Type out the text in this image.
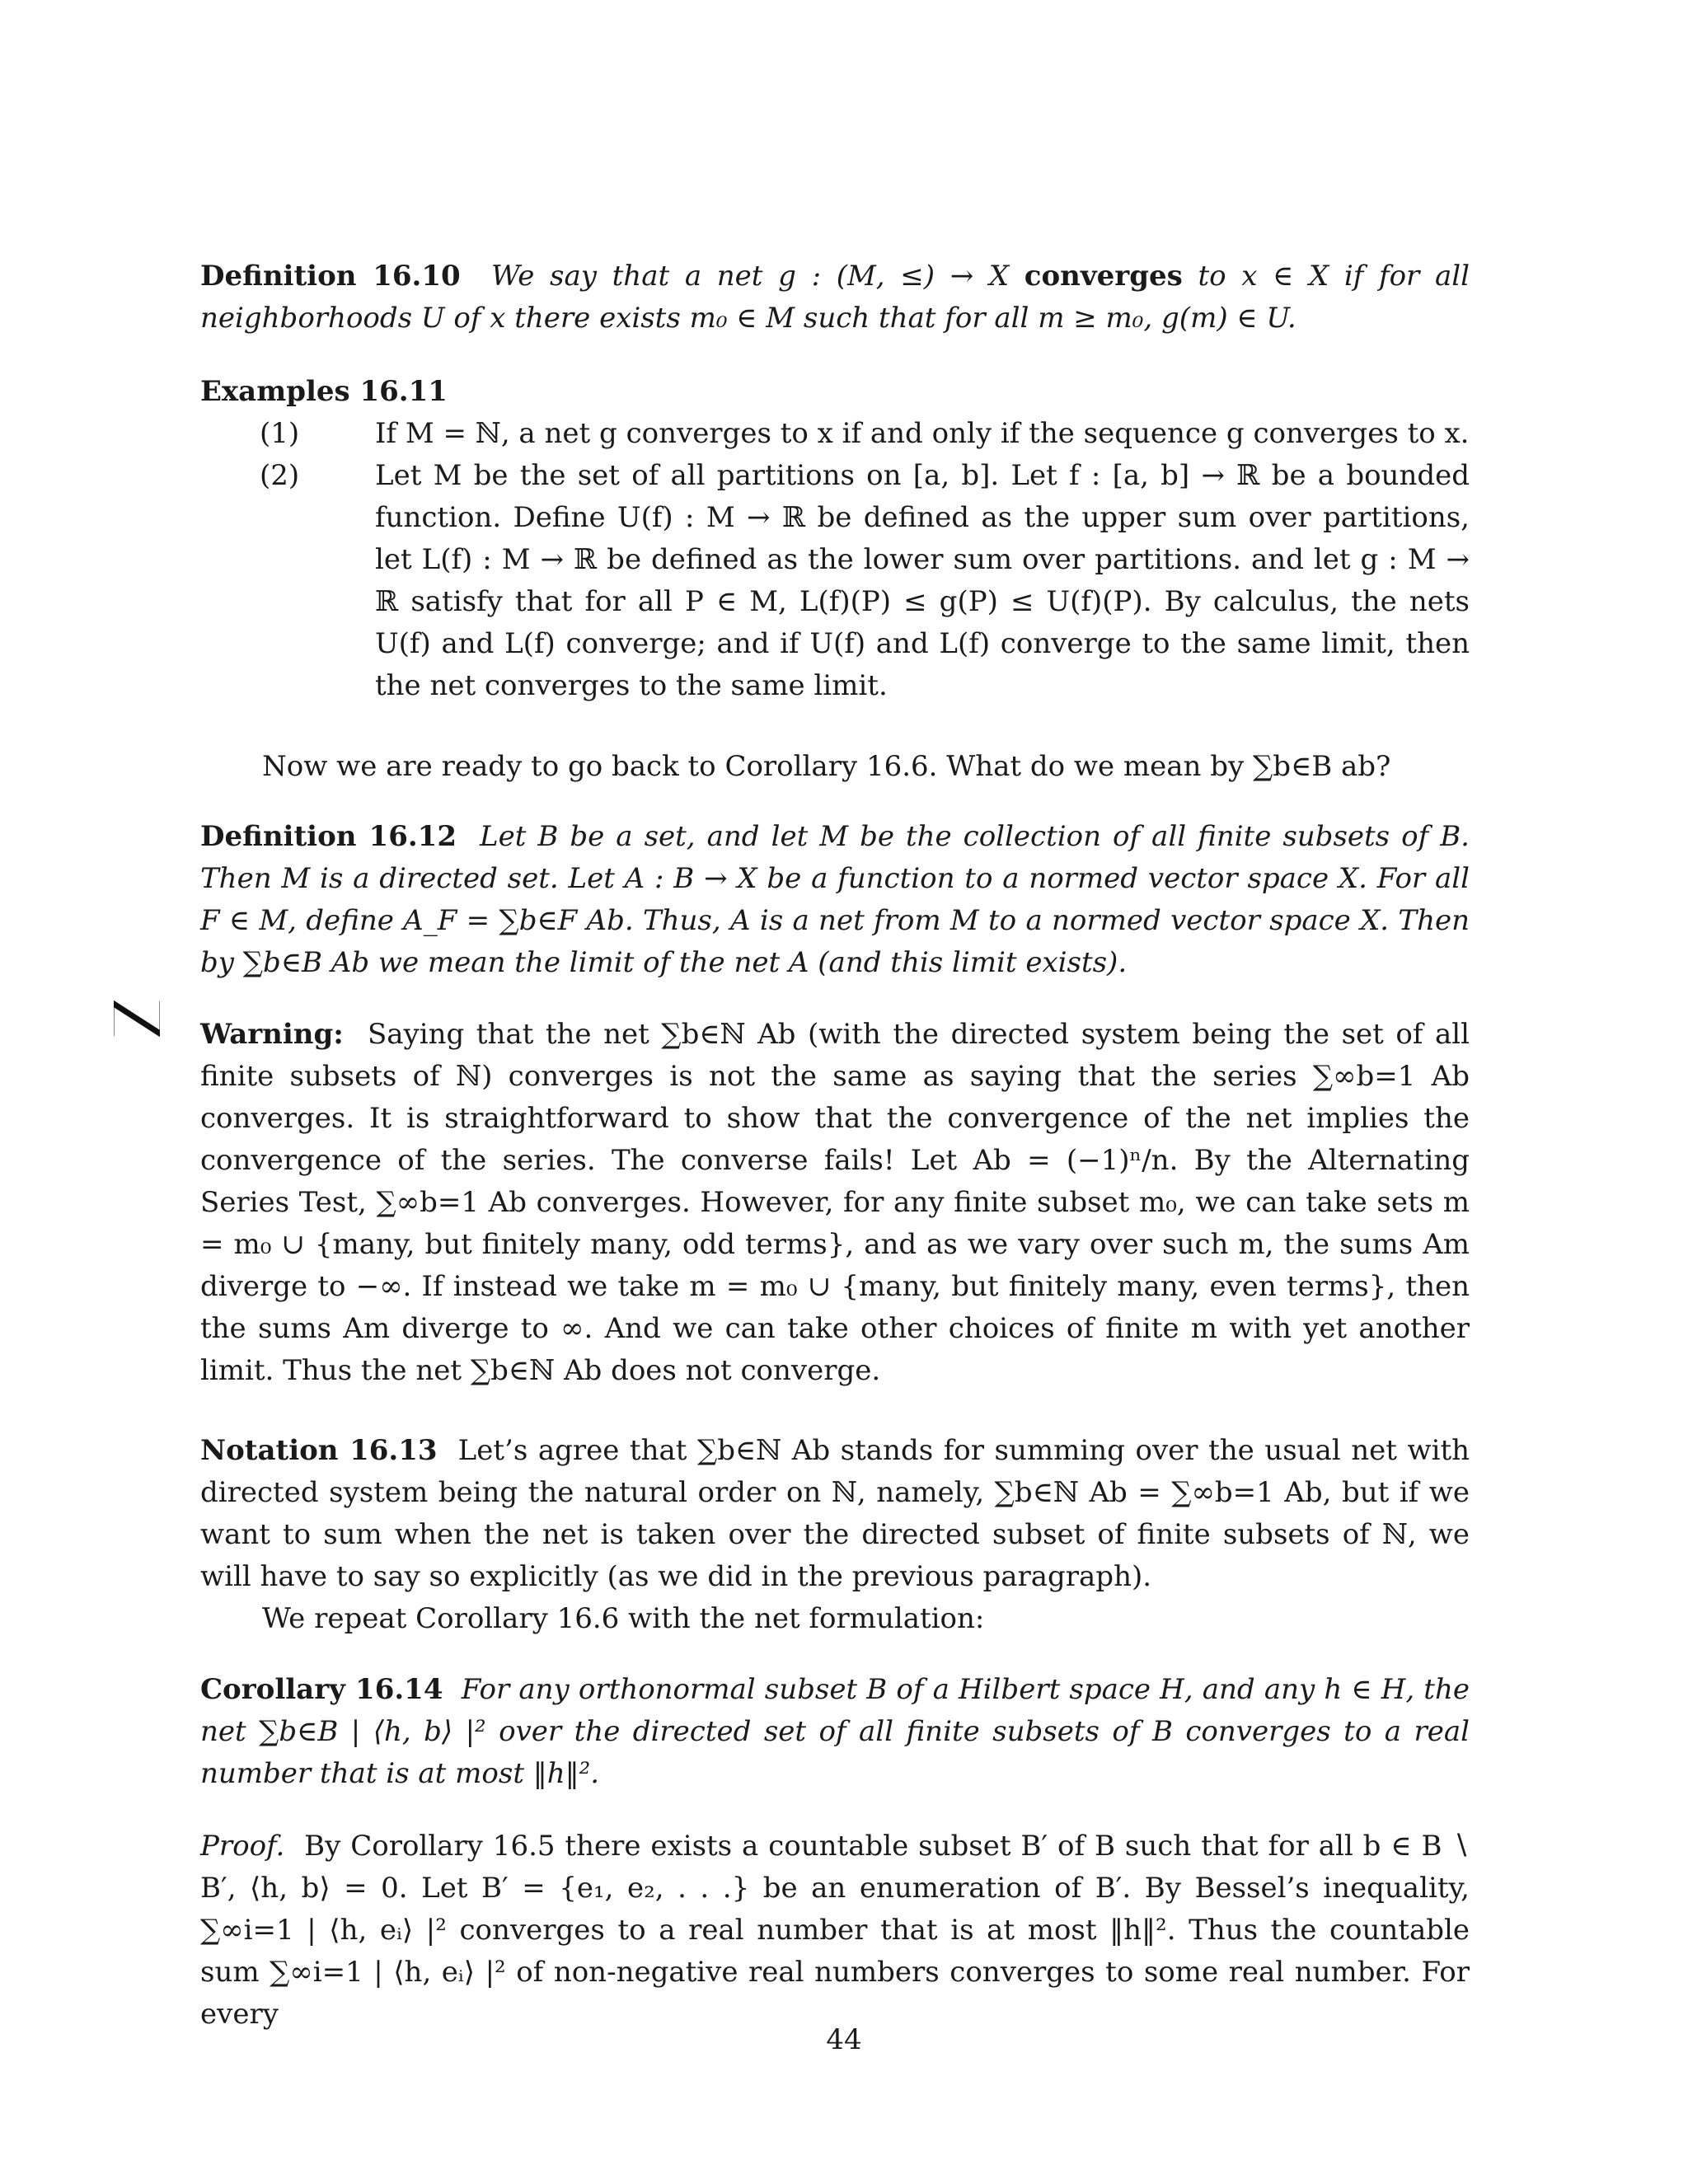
Definition 16.10 We say that a net g : (M, ≤) → X converges to x ∈ X if for all neighborhoods U of x there exists m₀ ∈ M such that for all m ≥ m₀, g(m) ∈ U.

Examples 16.11

(1)	If M = ℕ, a net g converges to x if and only if the sequence g converges to x.
(2)	Let M be the set of all partitions on [a, b]. Let f : [a, b] → ℝ be a bounded function. Define U(f) : M → ℝ be defined as the upper sum over partitions, let L(f) : M → ℝ be defined as the lower sum over partitions. and let g : M → ℝ satisfy that for all P ∈ M, L(f)(P) ≤ g(P) ≤ U(f)(P). By calculus, the nets U(f) and L(f) converge; and if U(f) and L(f) converge to the same limit, then the net converges to the same limit.

Now we are ready to go back to Corollary 16.6. What do we mean by ∑b∈B ab?

Definition 16.12 Let B be a set, and let M be the collection of all finite subsets of B. Then M is a directed set. Let A : B → X be a function to a normed vector space X. For all F ∈ M, define A_F = ∑b∈F Ab. Thus, A is a net from M to a normed vector space X. Then by ∑b∈B Ab we mean the limit of the net A (and this limit exists).

Warning: Saying that the net ∑b∈ℕ Ab (with the directed system being the set of all finite subsets of ℕ) converges is not the same as saying that the series ∑∞b=1 Ab converges. It is straightforward to show that the convergence of the net implies the convergence of the series. The converse fails! Let Ab = (−1)ⁿ/n. By the Alternating Series Test, ∑∞b=1 Ab converges. However, for any finite subset m₀, we can take sets m = m₀ ∪ {many, but finitely many, odd terms}, and as we vary over such m, the sums Am diverge to −∞. If instead we take m = m₀ ∪ {many, but finitely many, even terms}, then the sums Am diverge to ∞. And we can take other choices of finite m with yet another limit. Thus the net ∑b∈ℕ Ab does not converge.

Notation 16.13 Let’s agree that ∑b∈ℕ Ab stands for summing over the usual net with directed system being the natural order on ℕ, namely, ∑b∈ℕ Ab = ∑∞b=1 Ab, but if we want to sum when the net is taken over the directed subset of finite subsets of ℕ, we will have to say so explicitly (as we did in the previous paragraph).

We repeat Corollary 16.6 with the net formulation:

Corollary 16.14 For any orthonormal subset B of a Hilbert space H, and any h ∈ H, the net ∑b∈B | ⟨h, b⟩ |² over the directed set of all finite subsets of B converges to a real number that is at most ‖h‖².

Proof. By Corollary 16.5 there exists a countable subset B′ of B such that for all b ∈ B ∖ B′, ⟨h, b⟩ = 0. Let B′ = {e₁, e₂, . . .} be an enumeration of B′. By Bessel’s inequality, ∑∞i=1 | ⟨h, eᵢ⟩ |² converges to a real number that is at most ‖h‖². Thus the countable sum ∑∞i=1 | ⟨h, eᵢ⟩ |² of non-negative real numbers converges to some real number. For every

44
